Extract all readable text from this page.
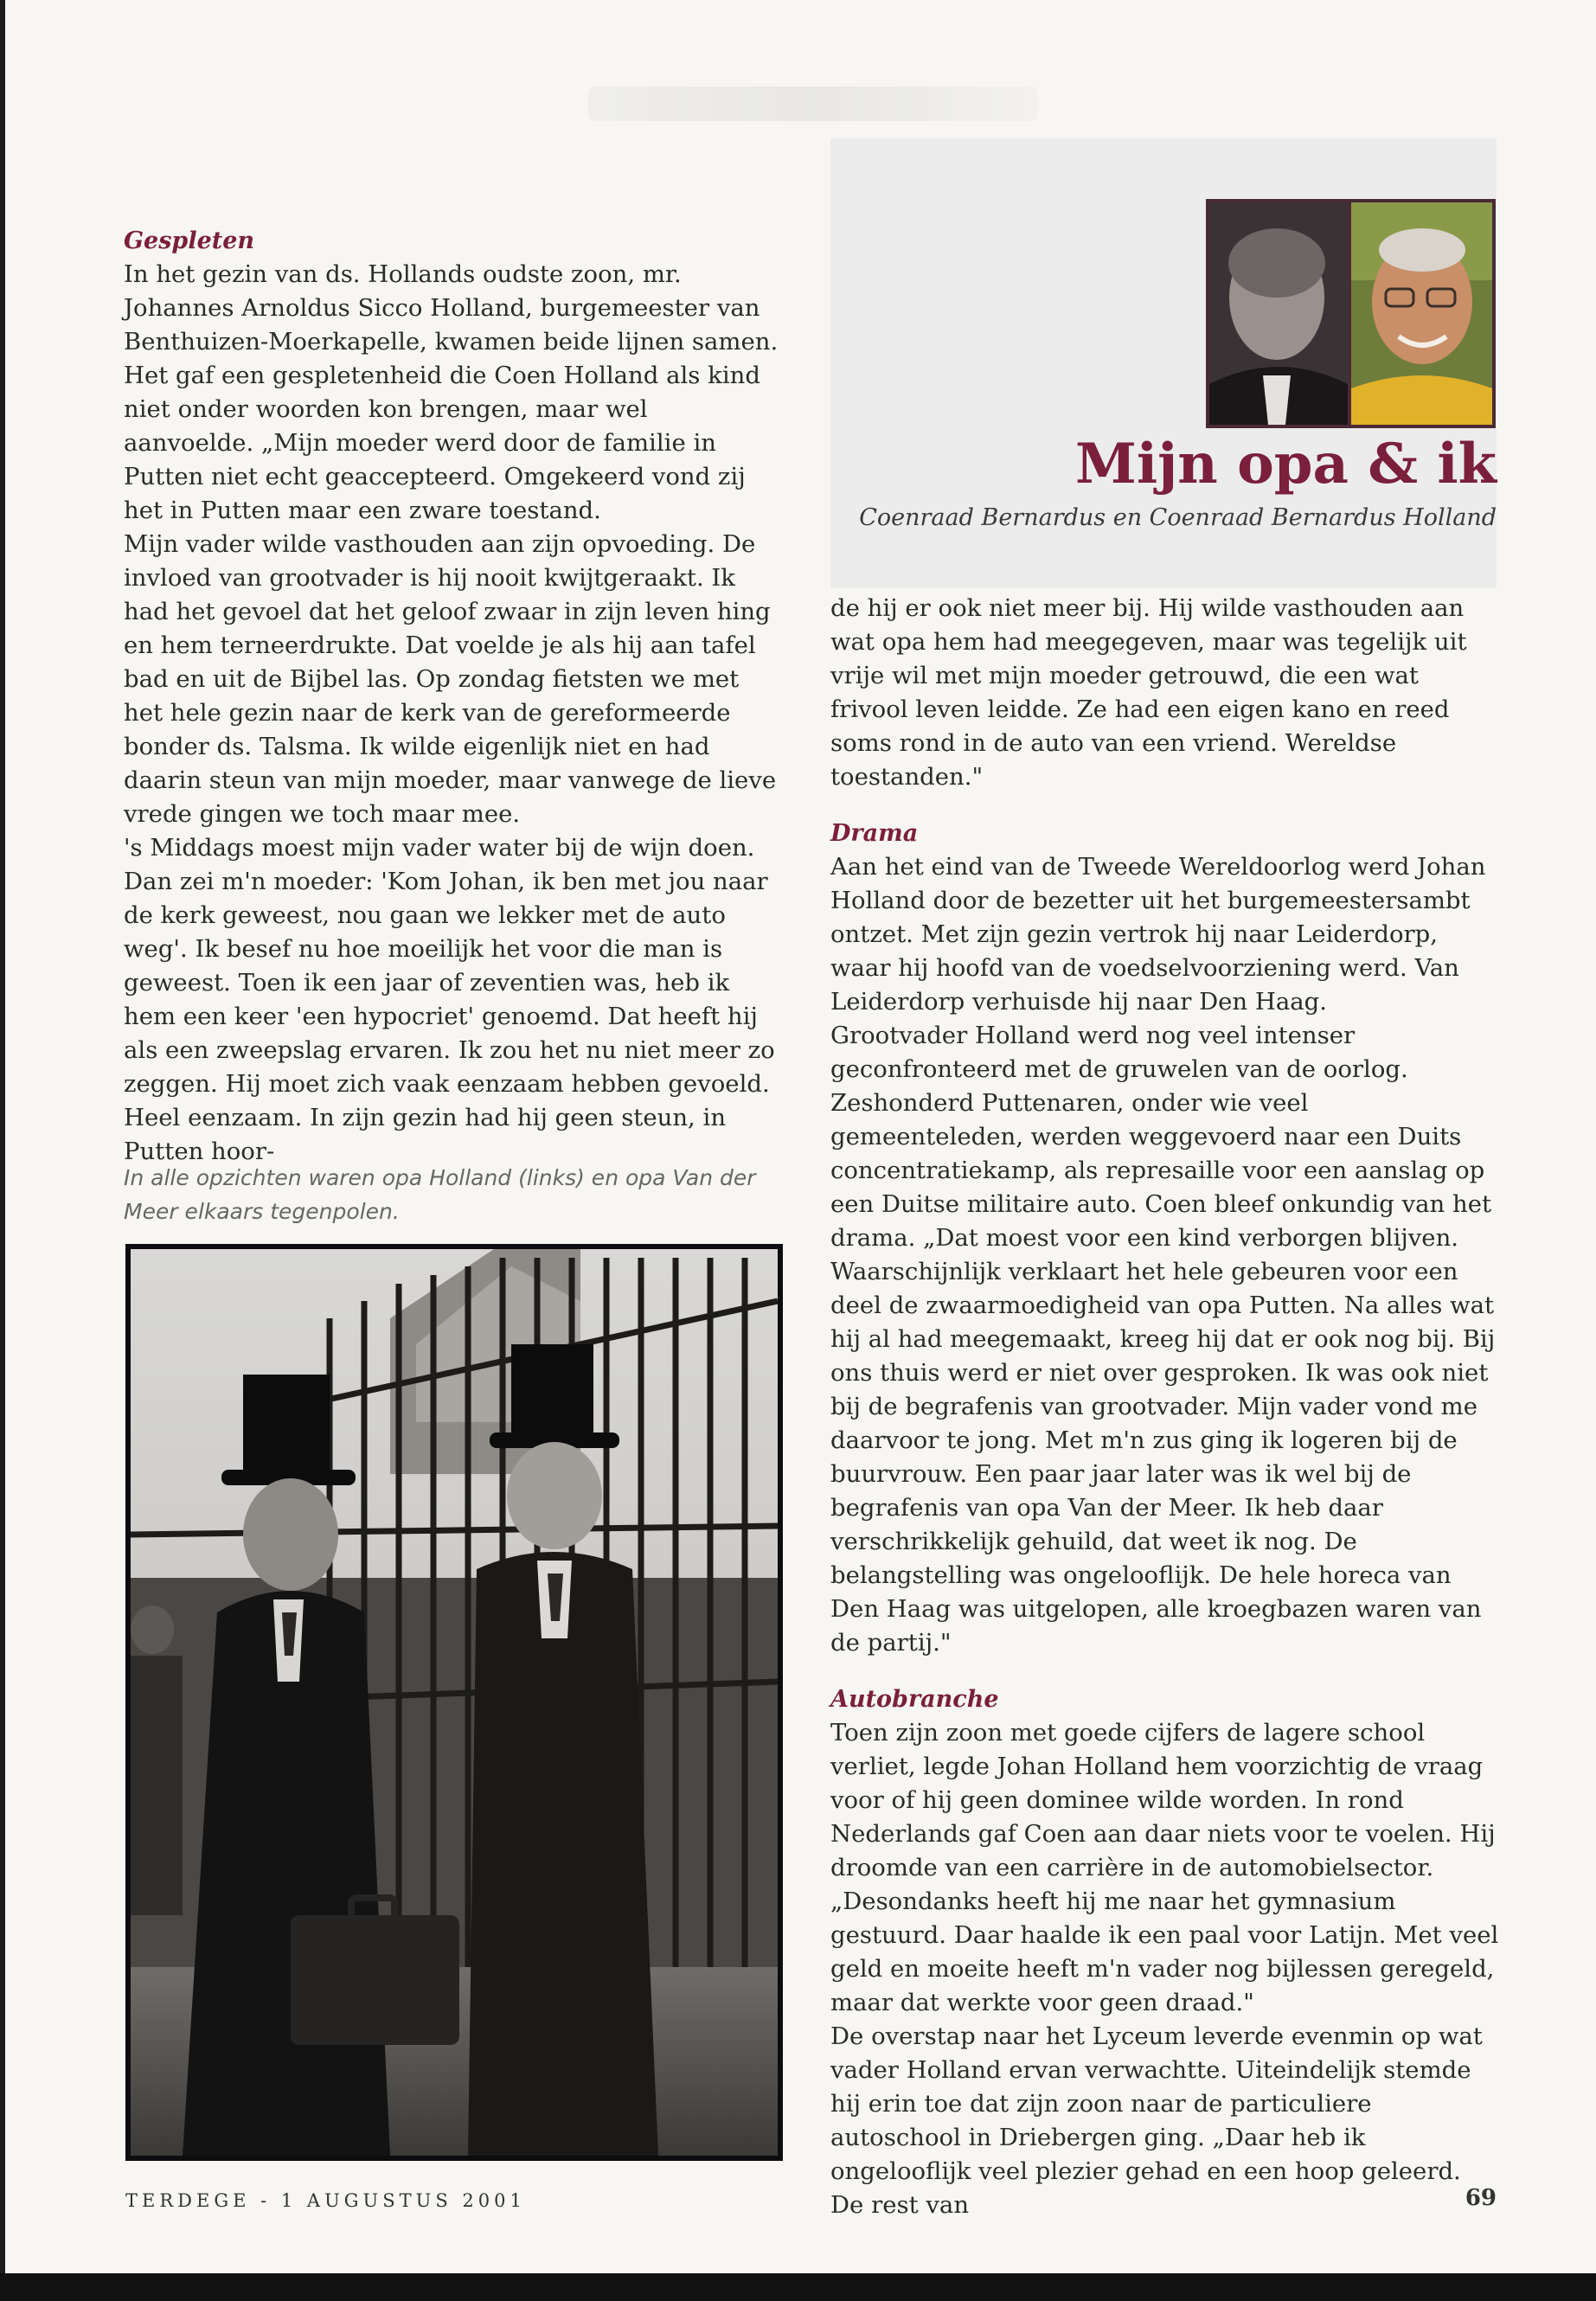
Gespleten

In het gezin van ds. Hollands oudste zoon, mr. Johannes Arnoldus Sicco Holland, burgemeester van Benthuizen-Moerkapelle, kwamen beide lijnen samen. Het gaf een gespletenheid die Coen Holland als kind niet onder woorden kon brengen, maar wel aanvoelde. „Mijn moeder werd door de familie in Putten niet echt geaccepteerd. Omgekeerd vond zij het in Putten maar een zware toestand.

Mijn vader wilde vasthouden aan zijn opvoeding. De invloed van grootvader is hij nooit kwijtgeraakt. Ik had het gevoel dat het geloof zwaar in zijn leven hing en hem terneerdrukte. Dat voelde je als hij aan tafel bad en uit de Bijbel las. Op zondag fietsten we met het hele gezin naar de kerk van de gereformeerde bonder ds. Talsma. Ik wilde eigenlijk niet en had daarin steun van mijn moeder, maar vanwege de lieve vrede gingen we toch maar mee.

's Middags moest mijn vader water bij de wijn doen. Dan zei m'n moeder: 'Kom Johan, ik ben met jou naar de kerk geweest, nou gaan we lekker met de auto weg'. Ik besef nu hoe moeilijk het voor die man is geweest. Toen ik een jaar of zeventien was, heb ik hem een keer 'een hypocriet' genoemd. Dat heeft hij als een zweepslag ervaren. Ik zou het nu niet meer zo zeggen. Hij moet zich vaak eenzaam hebben gevoeld. Heel eenzaam. In zijn gezin had hij geen steun, in Putten hoor-

In alle opzichten waren opa Holland (links) en opa Van der Meer elkaars tegenpolen.
Mijn opa & ik
Coenraad Bernardus en Coenraad Bernardus Holland

de hij er ook niet meer bij. Hij wilde vasthouden aan wat opa hem had meegegeven, maar was tegelijk uit vrije wil met mijn moeder getrouwd, die een wat frivool leven leidde. Ze had een eigen kano en reed soms rond in de auto van een vriend. Wereldse toestanden."

Drama

Aan het eind van de Tweede Wereldoorlog werd Johan Holland door de bezetter uit het burgemeestersambt ontzet. Met zijn gezin vertrok hij naar Leiderdorp, waar hij hoofd van de voedselvoorziening werd. Van Leiderdorp verhuisde hij naar Den Haag.

Grootvader Holland werd nog veel intenser geconfronteerd met de gruwelen van de oorlog. Zeshonderd Puttenaren, onder wie veel gemeenteleden, werden weggevoerd naar een Duits concentratiekamp, als represaille voor een aanslag op een Duitse militaire auto. Coen bleef onkundig van het drama. „Dat moest voor een kind verborgen blijven. Waarschijnlijk verklaart het hele gebeuren voor een deel de zwaarmoedigheid van opa Putten. Na alles wat hij al had meegemaakt, kreeg hij dat er ook nog bij. Bij ons thuis werd er niet over gesproken. Ik was ook niet bij de begrafenis van grootvader. Mijn vader vond me daarvoor te jong. Met m'n zus ging ik logeren bij de buurvrouw. Een paar jaar later was ik wel bij de begrafenis van opa Van der Meer. Ik heb daar verschrikkelijk gehuild, dat weet ik nog. De belangstelling was ongelooflijk. De hele horeca van Den Haag was uitgelopen, alle kroegbazen waren van de partij."

Autobranche

Toen zijn zoon met goede cijfers de lagere school verliet, legde Johan Holland hem voorzichtig de vraag voor of hij geen dominee wilde worden. In rond Nederlands gaf Coen aan daar niets voor te voelen. Hij droomde van een carrière in de automobielsector. „Desondanks heeft hij me naar het gymnasium gestuurd. Daar haalde ik een paal voor Latijn. Met veel geld en moeite heeft m'n vader nog bijlessen geregeld, maar dat werkte voor geen draad."

De overstap naar het Lyceum leverde evenmin op wat vader Holland ervan verwachtte. Uiteindelijk stemde hij erin toe dat zijn zoon naar de particuliere autoschool in Driebergen ging. „Daar heb ik ongelooflijk veel plezier gehad en een hoop geleerd. De rest van

TERDEGE - 1 AUGUSTUS 2001	69
